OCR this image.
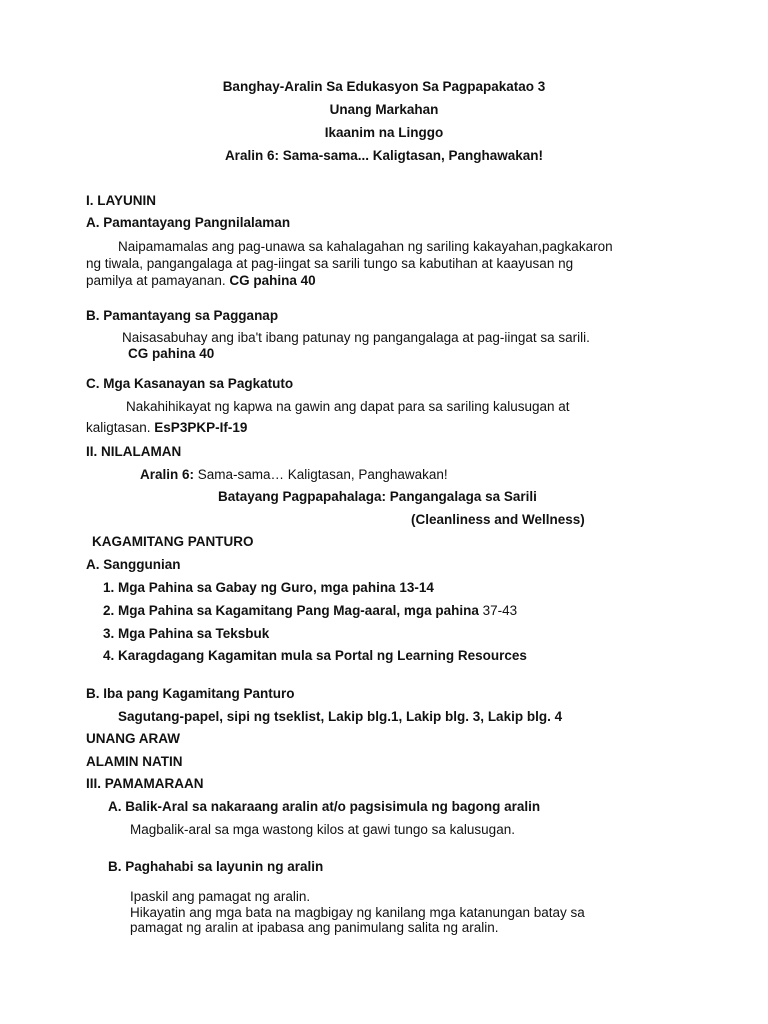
Banghay-Aralin Sa Edukasyon Sa Pagpapakatao 3
Unang Markahan
Ikaanim na Linggo
Aralin 6: Sama-sama... Kaligtasan, Panghawakan!
I. LAYUNIN
A. Pamantayang Pangnilalaman
Naipamamalas ang pag-unawa sa kahalagahan ng sariling kakayahan,pagkakaron
ng tiwala, pangangalaga at pag-iingat sa sarili tungo sa kabutihan at kaayusan ng
pamilya at pamayanan. CG pahina 40
B. Pamantayang sa Pagganap
Naisasabuhay ang iba't ibang patunay ng pangangalaga at pag-iingat sa sarili.
CG pahina 40
C. Mga Kasanayan sa Pagkatuto
Nakahihikayat ng kapwa na gawin ang dapat para sa sariling kalusugan at
kaligtasan. EsP3PKP-If-19
II. NILALAMAN
Aralin 6: Sama-sama… Kaligtasan, Panghawakan!
Batayang Pagpapahalaga: Pangangalaga sa Sarili
(Cleanliness and Wellness)
KAGAMITANG PANTURO
A. Sanggunian
1. Mga Pahina sa Gabay ng Guro, mga pahina 13-14
2. Mga Pahina sa Kagamitang Pang Mag-aaral, mga pahina 37-43
3. Mga Pahina sa Teksbuk
4. Karagdagang Kagamitan mula sa Portal ng Learning Resources
B. Iba pang Kagamitang Panturo
Sagutang-papel, sipi ng tseklist, Lakip blg.1, Lakip blg. 3, Lakip blg. 4
UNANG ARAW
ALAMIN NATIN
III. PAMAMARAAN
A. Balik-Aral sa nakaraang aralin at/o pagsisimula ng bagong aralin
Magbalik-aral sa mga wastong kilos at gawi tungo sa kalusugan.
B. Paghahabi sa layunin ng aralin
Ipaskil ang pamagat ng aralin.
Hikayatin ang mga bata na magbigay ng kanilang mga katanungan batay sa
pamagat ng aralin at ipabasa ang panimulang salita ng aralin.
